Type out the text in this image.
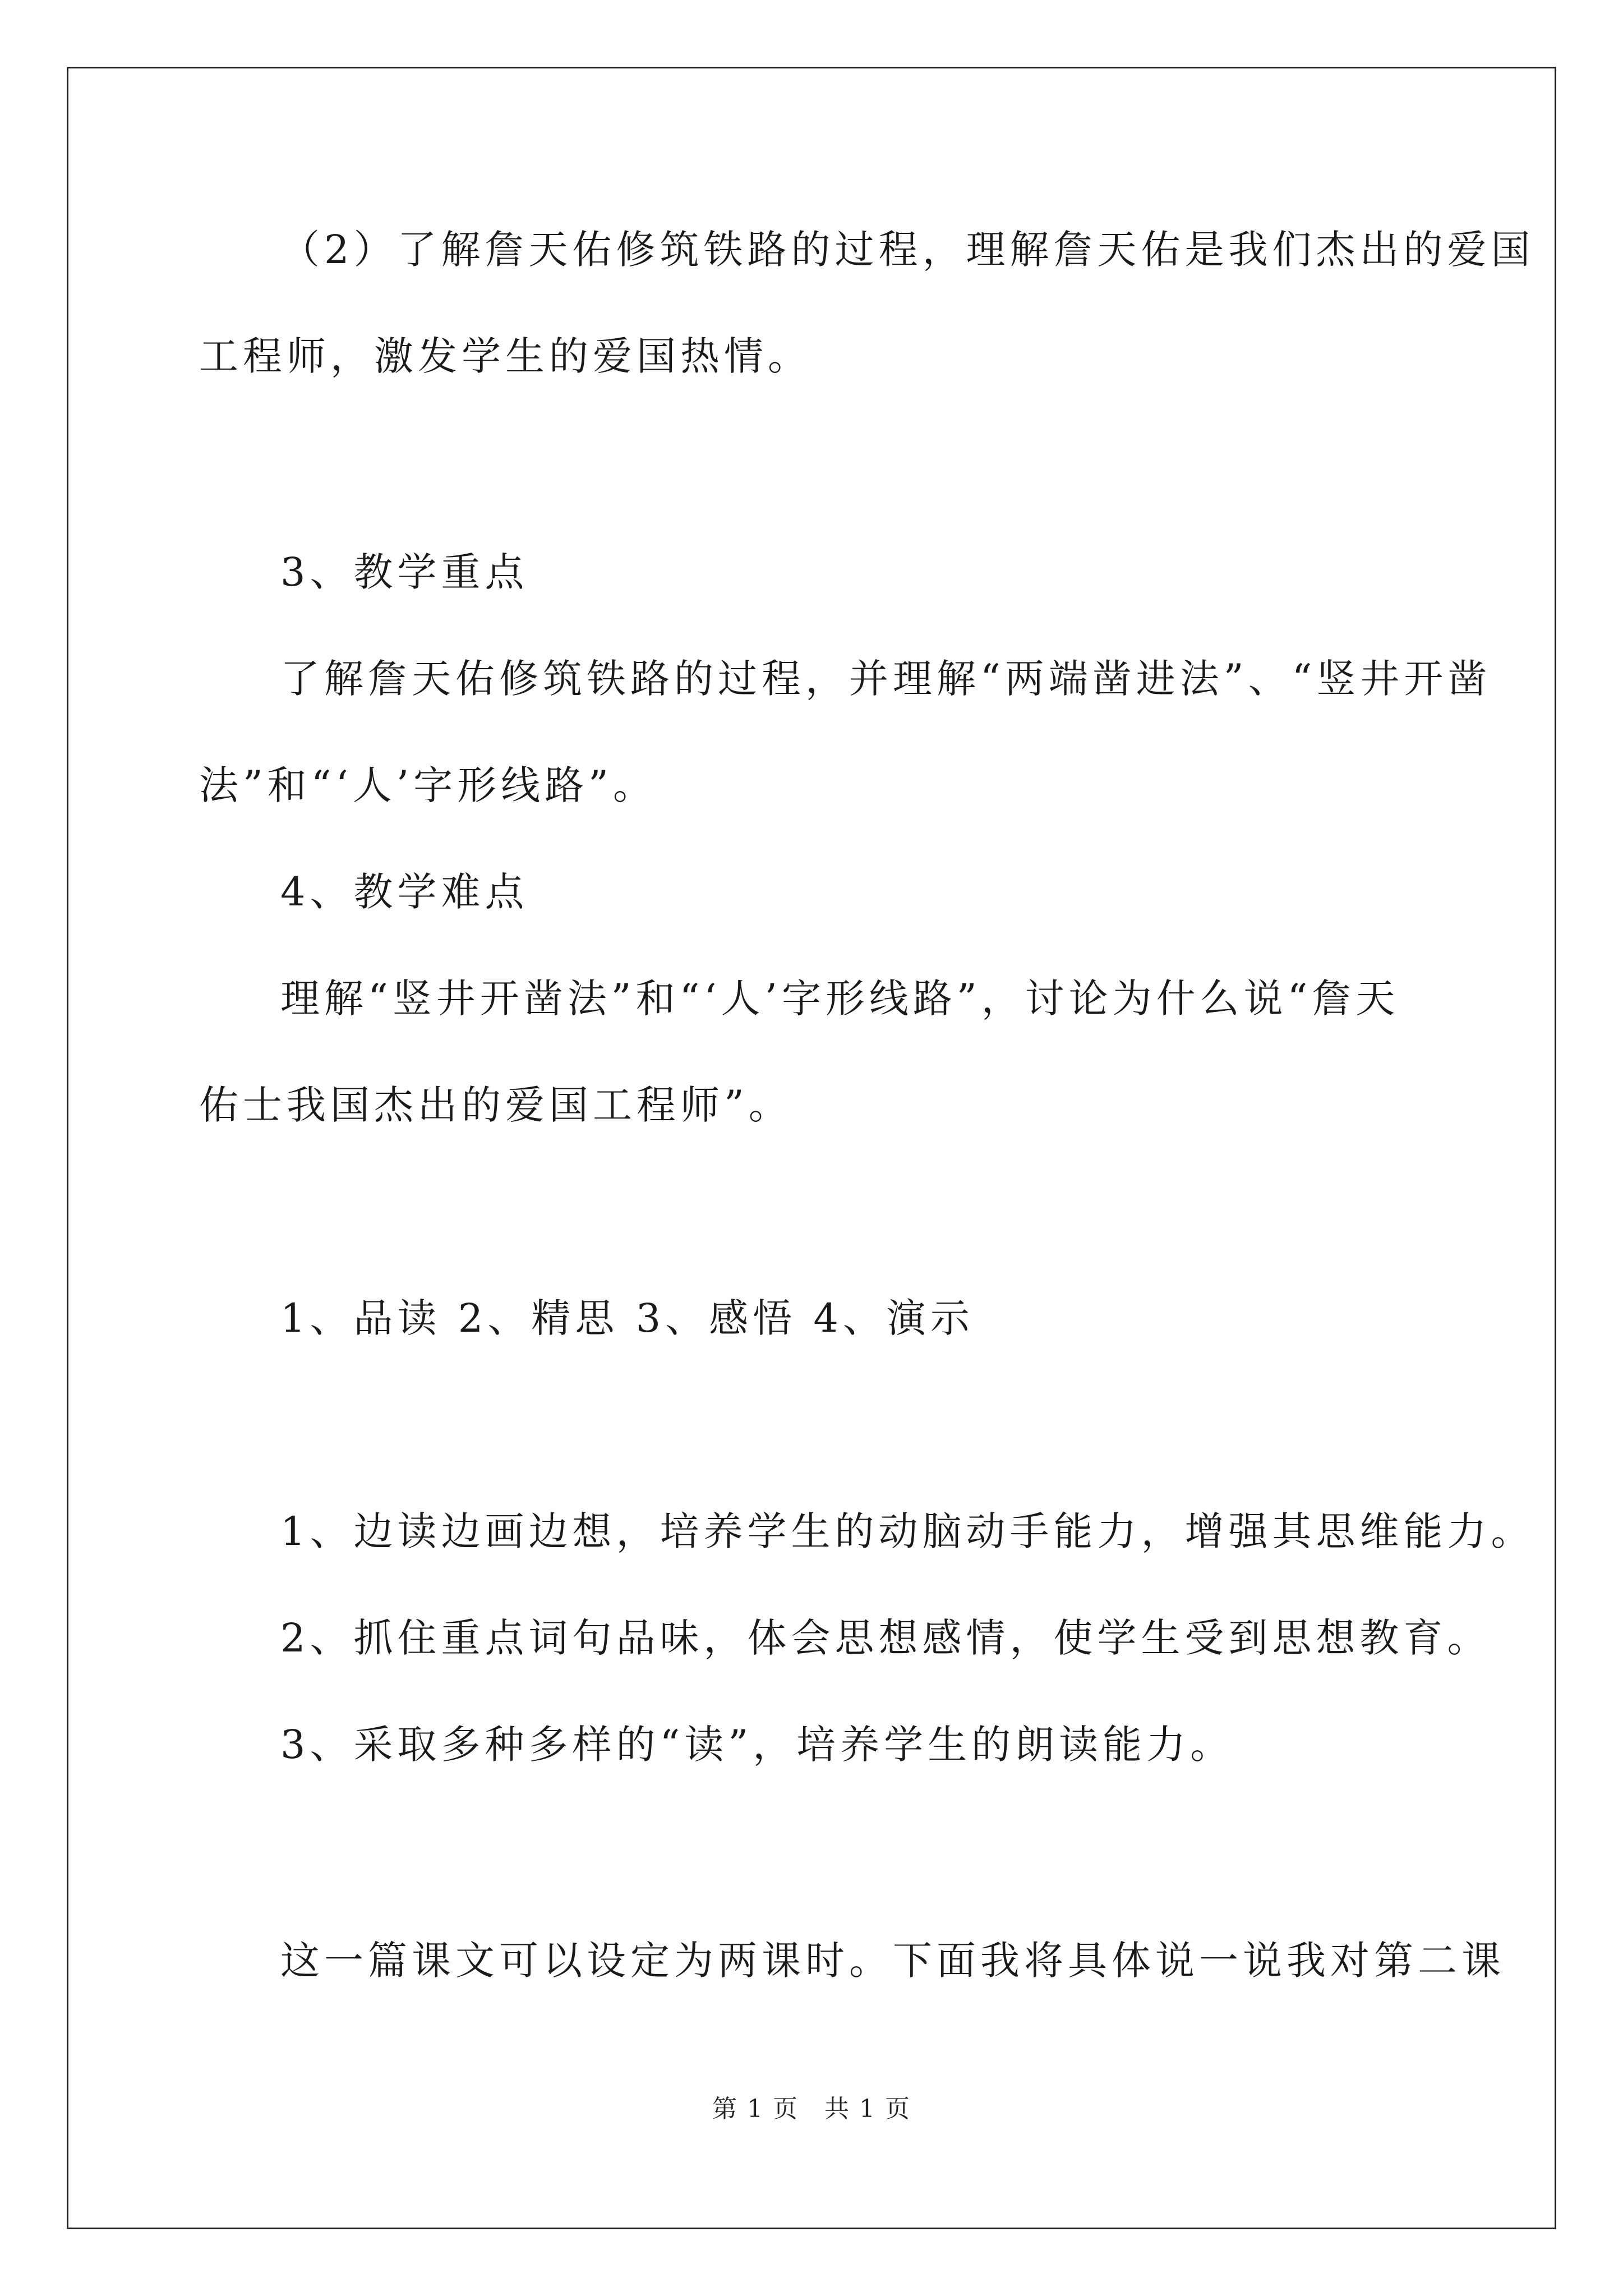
（2）了解詹天佑修筑铁路的过程，理解詹天佑是我们杰出的爱国
工程师，激发学生的爱国热情。
3、教学重点
了解詹天佑修筑铁路的过程，并理解“两端凿进法”、“竖井开凿
法”和“‘人’字形线路”。
4、教学难点
理解“竖井开凿法”和“‘人’字形线路”，讨论为什么说“詹天
佑士我国杰出的爱国工程师”。
1、品读 2、精思 3、感悟 4、演示
1、边读边画边想，培养学生的动脑动手能力，增强其思维能力。
2、抓住重点词句品味，体会思想感情，使学生受到思想教育。
3、采取多种多样的“读”，培养学生的朗读能力。
这一篇课文可以设定为两课时。下面我将具体说一说我对第二课
第 1 页　共 1 页
